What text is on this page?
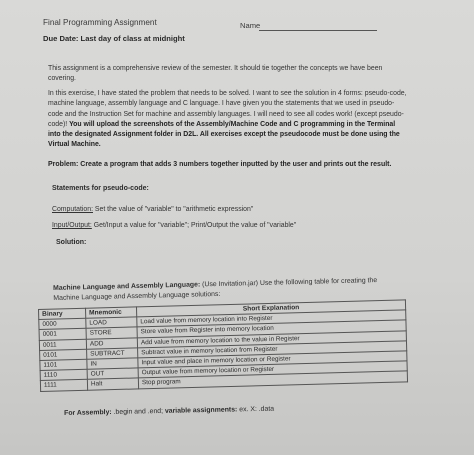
Final Programming Assignment
Due Date: Last day of class at midnight
Name
This assignment is a comprehensive review of the semester. It should tie together the concepts we have been covering.
In this exercise, I have stated the problem that needs to be solved. I want to see the solution in 4 forms: pseudo-code, machine language, assembly language and C language. I have given you the statements that we used in pseudo-code and the Instruction Set for machine and assembly languages. I will need to see all codes work! (except pseudo-code)! You will upload the screenshots of the Assembly/Machine Code and C programming in the Terminal into the designated Assignment folder in D2L. All exercises except the pseudocode must be done using the Virtual Machine.
Problem: Create a program that adds 3 numbers together inputted by the user and prints out the result.
Statements for pseudo-code:
Computation: Set the value of "variable" to "arithmetic expression"
Input/Output: Get/Input a value for "variable"; Print/Output the value of "variable"
Solution:
Machine Language and Assembly Language: (Use Invitation.jar) Use the following table for creating the Machine Language and Assembly Language solutions:
Binary	Mnemonic	Short Explanation
0000	LOAD	Load value from memory location into Register
0001	STORE	Store value from Register into memory location
0011	ADD	Add value from memory location to the value in Register
0101	SUBTRACT	Subtract value in memory location from Register
1101	IN	Input value and place in memory location or Register
1110	OUT	Output value from memory location or Register
1111	Halt	Stop program
For Assembly: .begin and .end; variable assignments: ex. X: .data
